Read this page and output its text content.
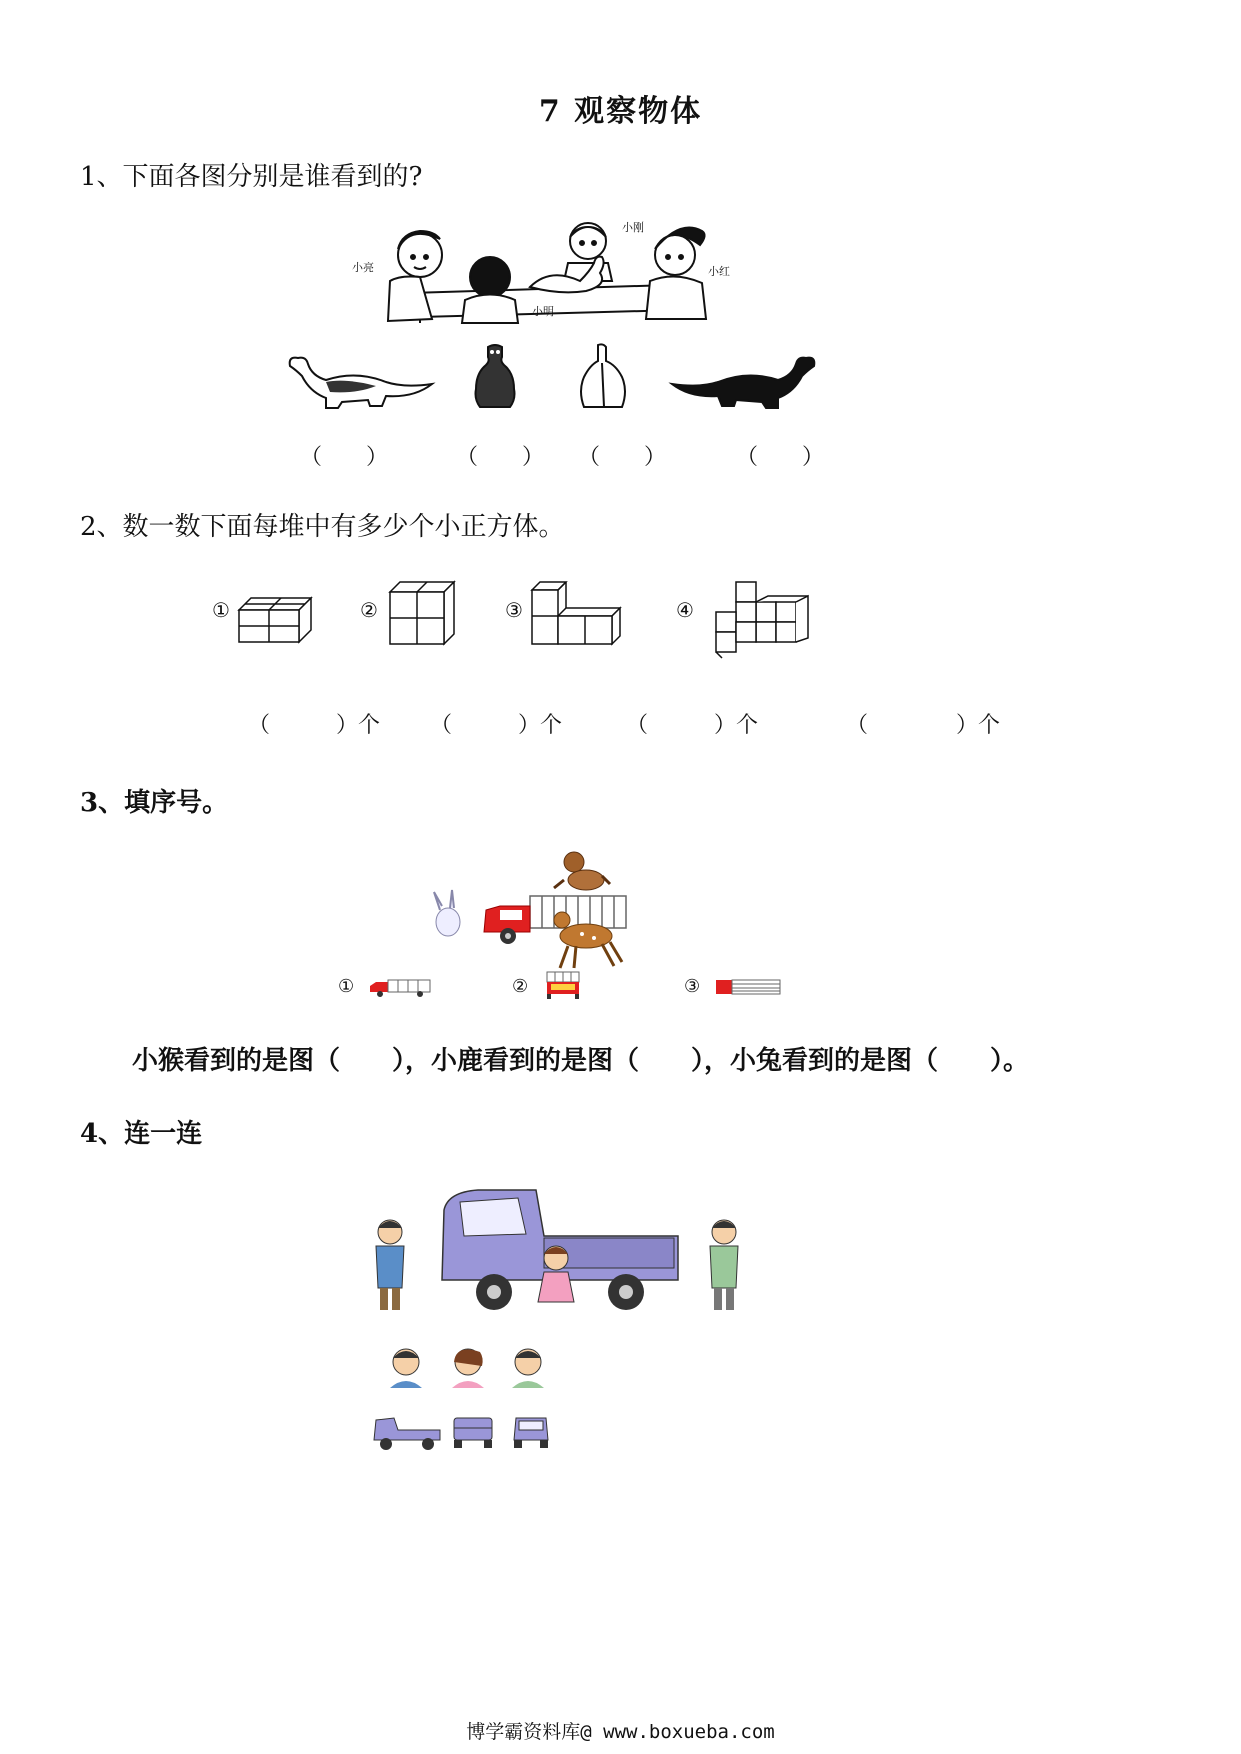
7 观察物体
1、下面各图分别是谁看到的?
小亮
小刚
小红
小明
（　　）	（　　） （　　）	（　　）
2、数一数下面每堆中有多少个小正方体。
①	②	③	④
（　　　）个 （　　　）个	（　　　）个	（　　　　）个
3、填序号。
①	②	③
小猴看到的是图（　　），小鹿看到的是图（　　），小兔看到的是图（　　）。
4、连一连
博学霸资料库@ www.boxueba.com
